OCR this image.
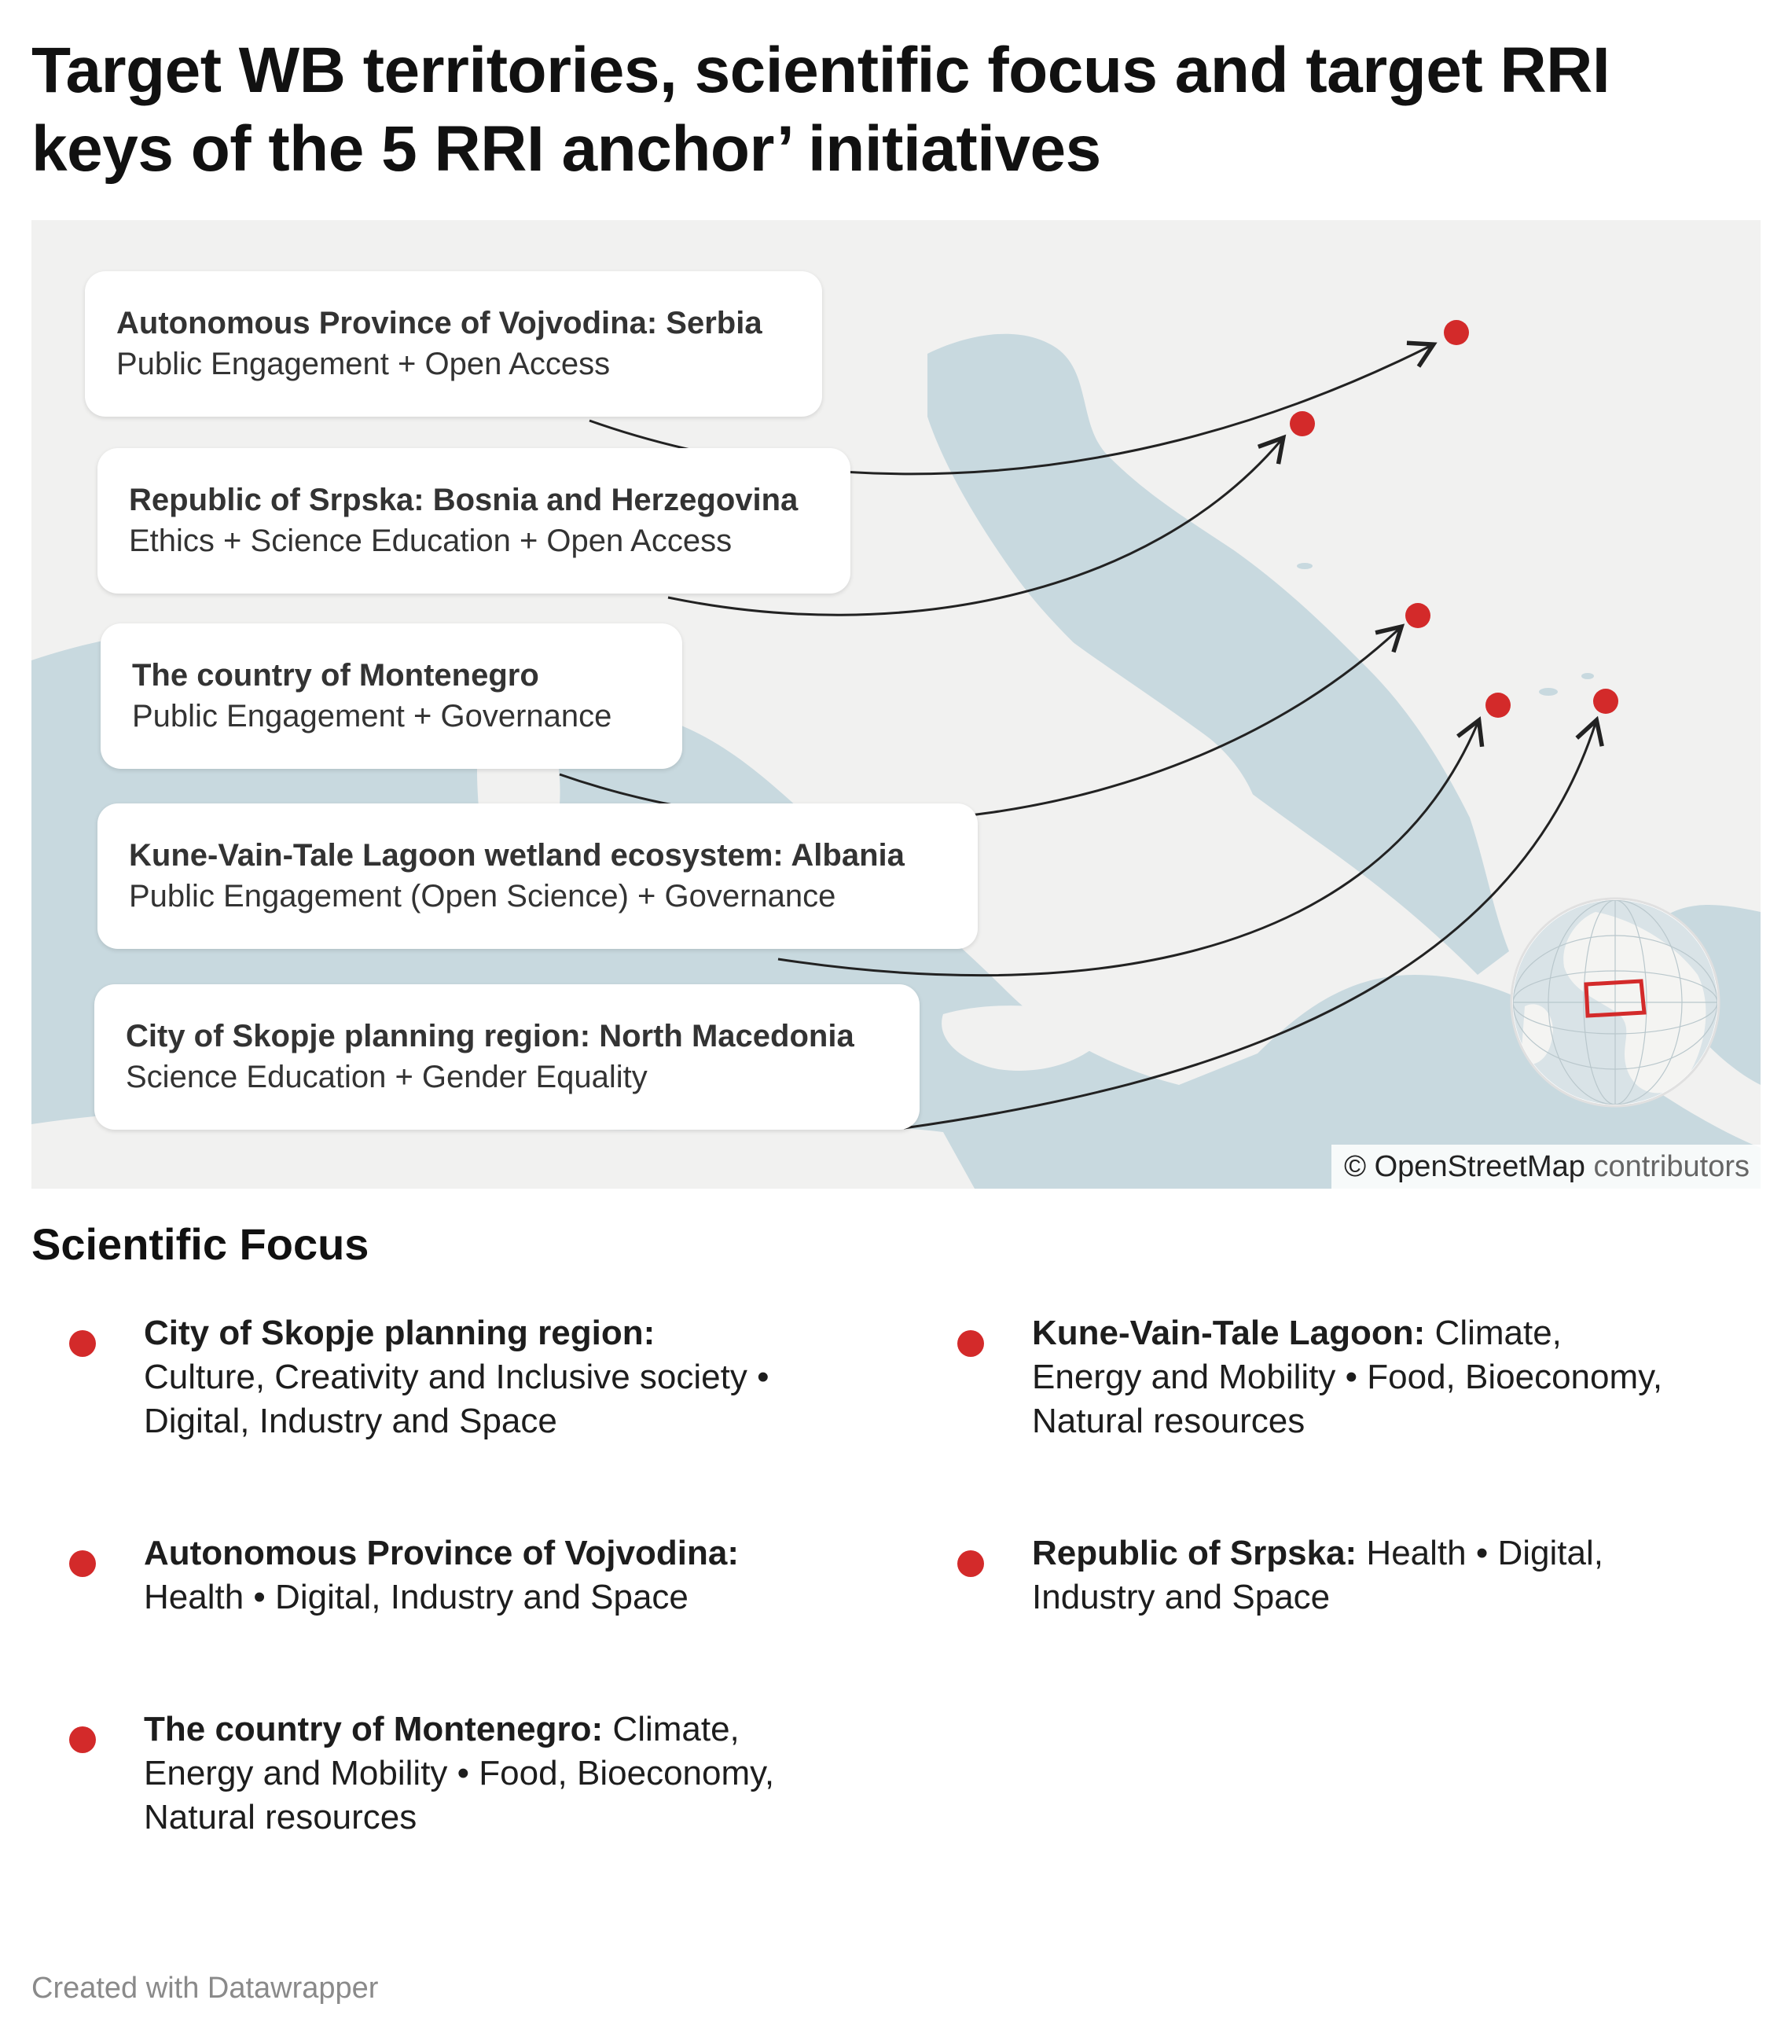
Target WB territories, scientific focus and target RRI keys of the 5 RRI anchor’ initiatives
Autonomous Province of Vojvodina: Serbia
Public Engagement + Open Access
Republic of Srpska: Bosnia and Herzegovina
Ethics + Science Education + Open Access
The country of Montenegro
Public Engagement + Governance
Kune-Vain-Tale Lagoon wetland ecosystem: Albania
Public Engagement (Open Science) + Governance
City of Skopje planning region: North Macedonia
Science Education + Gender Equality
© OpenStreetMap contributors
Scientific Focus
City of Skopje planning region: Culture, Creativity and Inclusive society • Digital, Industry and Space
Kune-Vain-Tale Lagoon: Climate, Energy and Mobility • Food, Bioeconomy, Natural resources
Autonomous Province of Vojvodina: Health • Digital, Industry and Space
Republic of Srpska: Health • Digital, Industry and Space
The country of Montenegro: Climate, Energy and Mobility • Food, Bioeconomy, Natural resources
Created with Datawrapper
